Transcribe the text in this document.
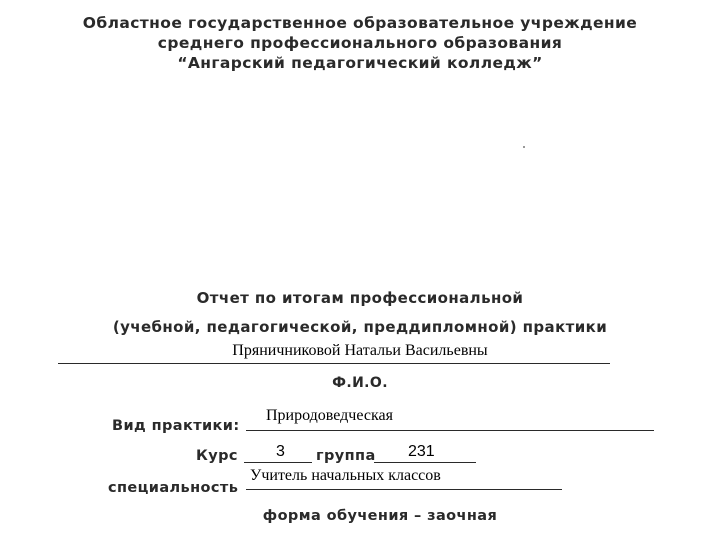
Областное государственное образовательное учреждение
среднего профессионального образования
“Ангарский педагогический колледж”
Отчет по итогам профессиональной
(учебной, педагогической, преддипломной) практики
Пряничниковой Натальи Васильевны
Ф.И.О.
Вид практики:
Природоведческая
Курс 3 группа 231
специальность
Учитель начальных классов
форма обучения – заочная
